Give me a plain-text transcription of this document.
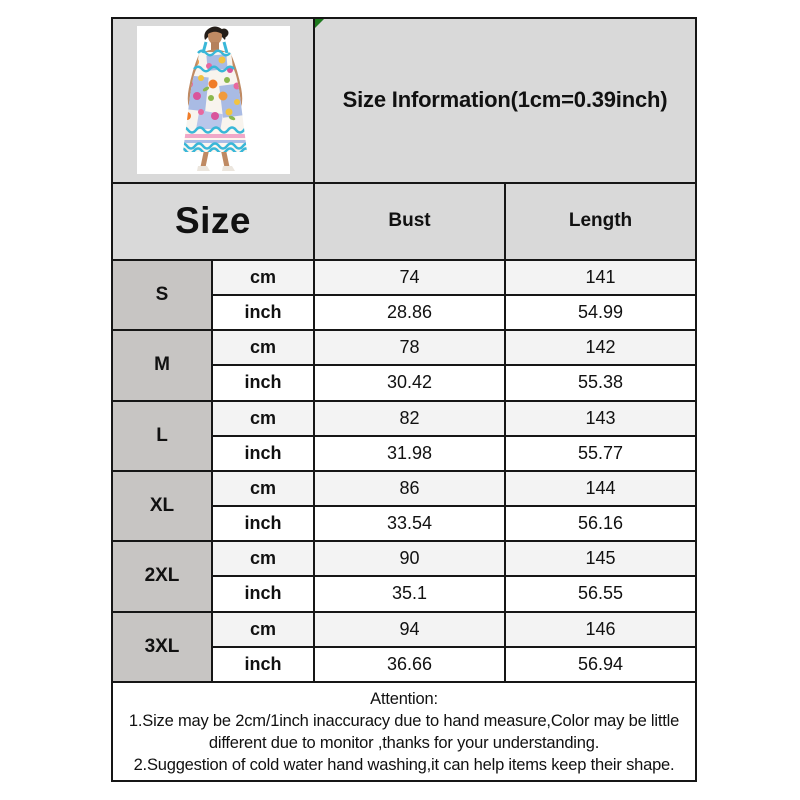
Size Information(1cm=0.39inch)	
Size		Bust	Length
S	cm	74	141
	inch	28.86	54.99
M	cm	78	142
	inch	30.42	55.38
L	cm	82	143
	inch	31.98	55.77
XL	cm	86	144
	inch	33.54	56.16
2XL	cm	90	145
	inch	35.1	56.55
3XL	cm	94	146
	inch	36.66	56.94

Attention:

1.Size may be 2cm/1inch inaccuracy due to hand measure,Color may be little different due to monitor ,thanks for your understanding.

2.Suggestion of cold water hand washing,it can help items keep their shape.			
